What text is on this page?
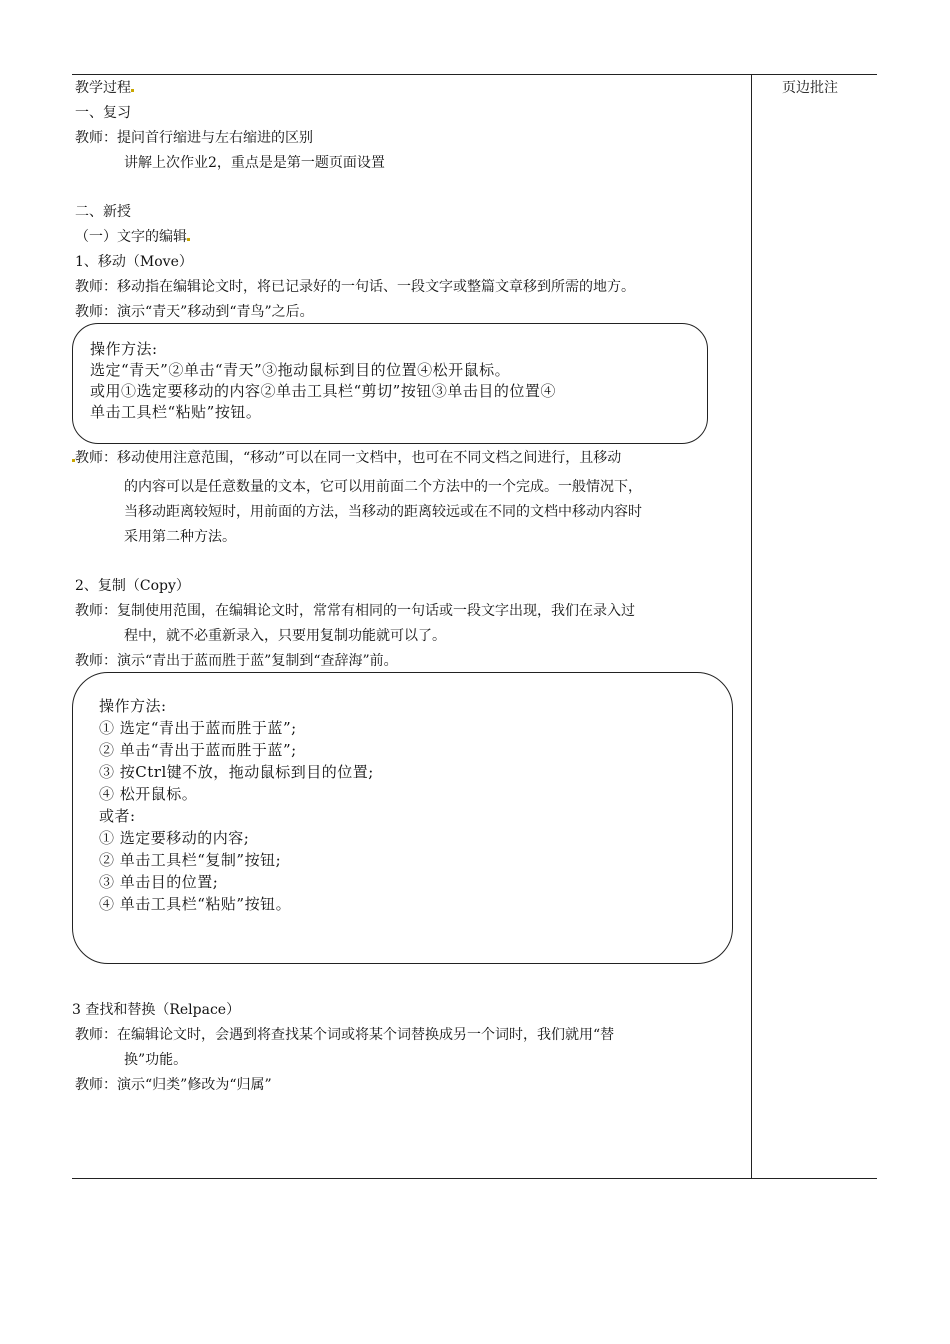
教学过程	页边批注
一、复习
教师：提问首行缩进与左右缩进的区别
讲解上次作业2，重点是是第一题页面设置
二、新授
（一）文字的编辑
1、移动（Move）
教师：移动指在编辑论文时，将已记录好的一句话、一段文字或整篇文章移到所需的地方。
教师：演示“青天”移动到“青鸟”之后。
操作方法:
选定“青天”②单击“青天”③拖动鼠标到目的位置④松开鼠标。
或用①选定要移动的内容②单击工具栏“剪切”按钮③单击目的位置④
单击工具栏“粘贴”按钮。
教师：移动使用注意范围，“移动”可以在同一文档中，也可在不同文档之间进行，且移动
的内容可以是任意数量的文本，它可以用前面二个方法中的一个完成。一般情况下，
当移动距离较短时，用前面的方法，当移动的距离较远或在不同的文档中移动内容时
采用第二种方法。
2、复制（Copy）
教师：复制使用范围，在编辑论文时，常常有相同的一句话或一段文字出现，我们在录入过
程中，就不必重新录入，只要用复制功能就可以了。
教师：演示“青出于蓝而胜于蓝”复制到“查辞海”前。
操作方法:
① 选定“青出于蓝而胜于蓝”;
② 单击“青出于蓝而胜于蓝”;
③ 按Ctrl键不放，拖动鼠标到目的位置;
④ 松开鼠标。
或者:
① 选定要移动的内容;
② 单击工具栏“复制”按钮;
③ 单击目的位置;
④ 单击工具栏“粘贴”按钮。
3 查找和替换（Relpace）
教师：在编辑论文时，会遇到将查找某个词或将某个词替换成另一个词时，我们就用“替
换”功能。
教师：演示“归类”修改为“归属”
